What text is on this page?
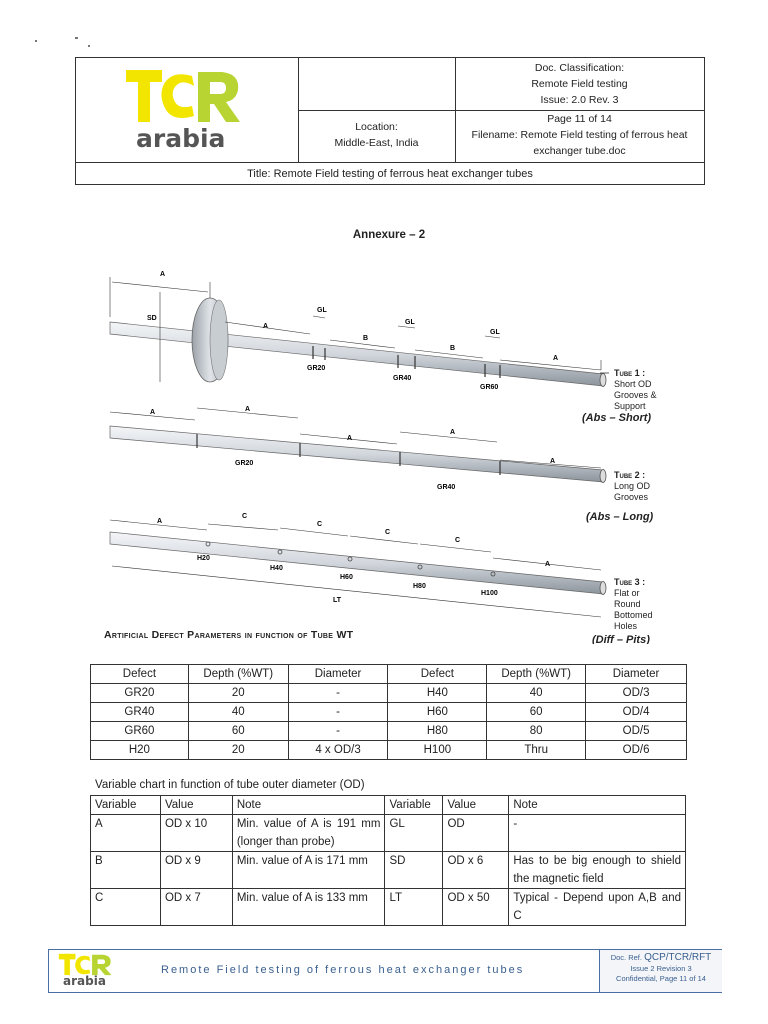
arabia	Location:
Middle-East, India
Doc. Classification:
Remote Field testing
Issue: 2.0 Rev. 3
Page 11 of 14
Filename: Remote Field testing of ferrous heat exchanger tube.doc
Title: Remote Field testing of ferrous heat exchanger tubes
Annexure – 2
A
SD
GL
A
GL
B
GL
B
A
GR20
GR40
GR60
A	A
A
A
A
GR20
GR40
A
C
C
C
C
A
LT
H20
H40
H60
H80
H100
Tube 1 :
Short OD
Grooves &
Support
(Abs – Short)
Tube 2 :
Long OD
Grooves
(Abs – Long)
Tube 3 :
Flat or
Round
Bottomed
Holes
(Diff – Pits)
Artificial Defect Parameters in function of Tube WT
Defect	Depth (%WT)	Diameter	Defect	Depth (%WT)	Diameter
GR20	20	-	H40	40	OD/3
GR40	40	-	H60	60	OD/4
GR60	60	-	H80	80	OD/5
H20	20	4 x OD/3	H100	Thru	OD/6
Variable chart in function of tube outer diameter (OD)
Variable	Value	Note	Variable	Value	Note
A	OD x 10	Min. value of A is 191 mm (longer than probe)	GL	OD	-
B	OD x 9	Min. value of A is 171 mm	SD	OD x 6	Has to be big enough to shield the magnetic field
C	OD x 7	Min. value of A is 133 mm	LT	OD x 50	Typical - Depend upon A,B and C
arabia
Remote Field testing of ferrous heat exchanger tubes
Doc. Ref. QCP/TCR/RFT
Issue 2 Revision 3
Confidential, Page 11 of 14
